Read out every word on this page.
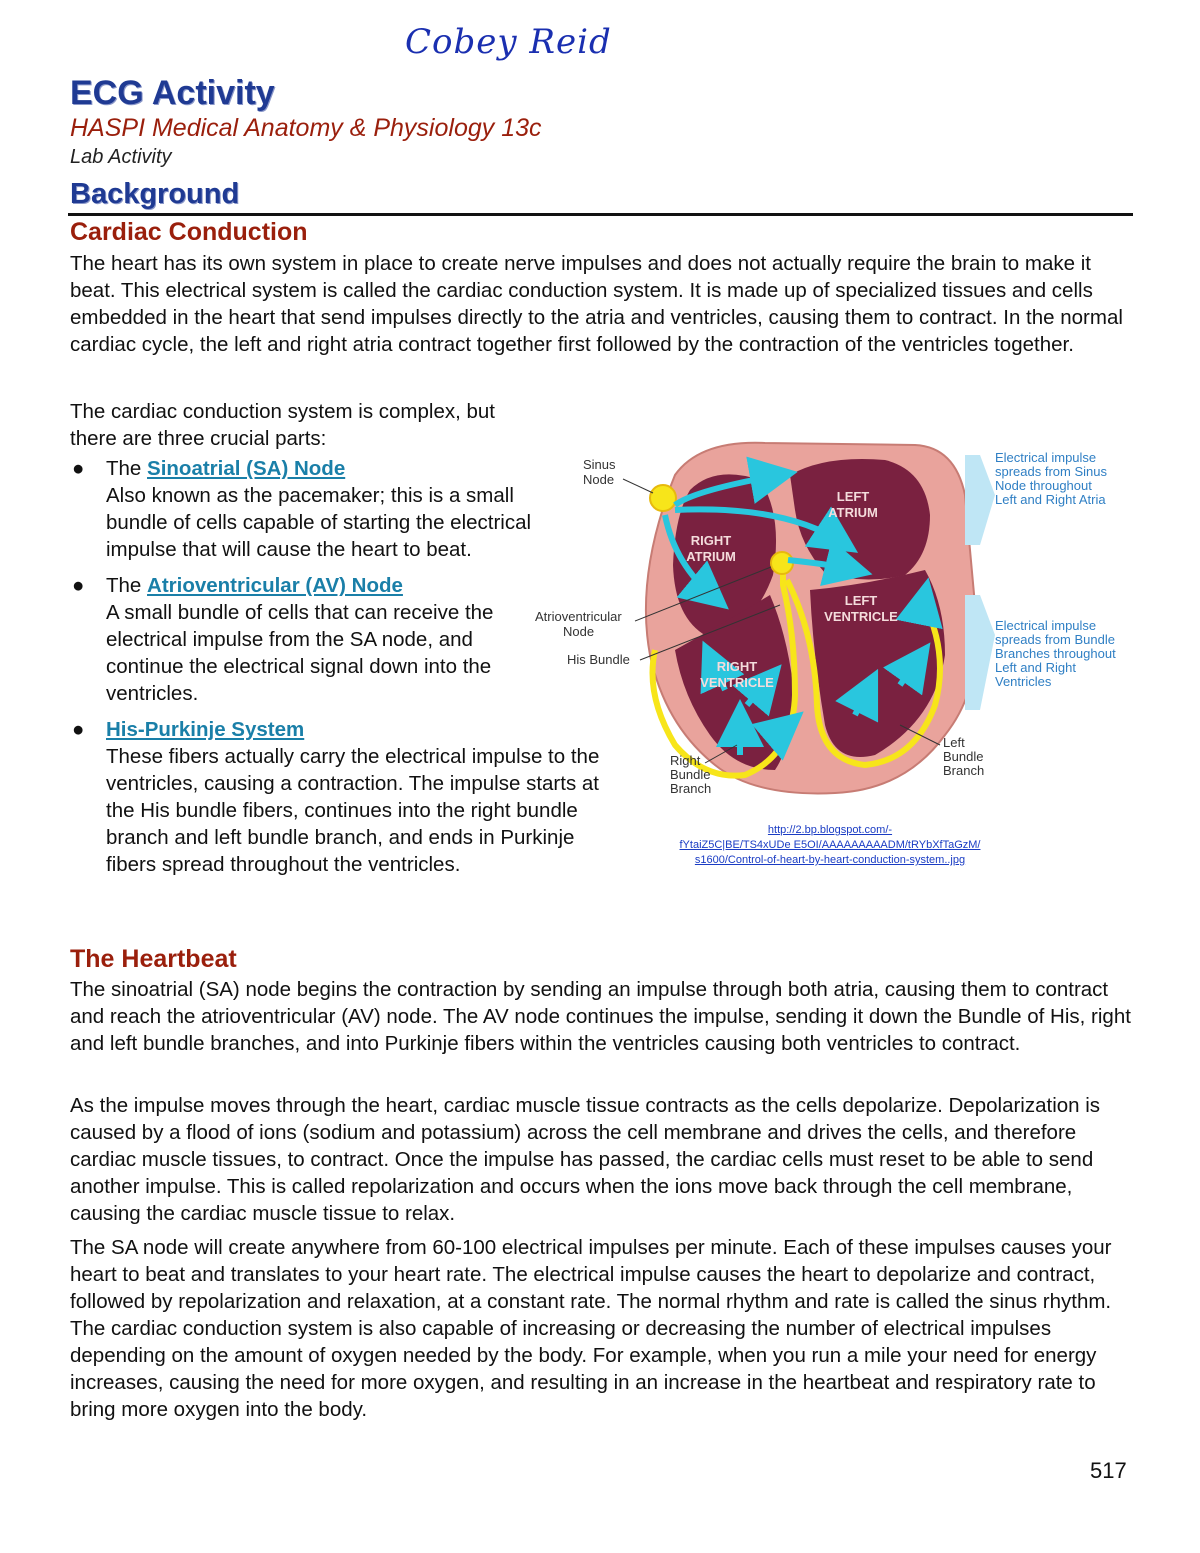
Cobey Reid
ECG Activity
HASPI Medical Anatomy & Physiology 13c
Lab Activity
Background
Cardiac Conduction
The heart has its own system in place to create nerve impulses and does not actually require the brain to make it beat. This electrical system is called the cardiac conduction system. It is made up of specialized tissues and cells embedded in the heart that send impulses directly to the atria and ventricles, causing them to contract. In the normal cardiac cycle, the left and right atria contract together first followed by the contraction of the ventricles together.
The cardiac conduction system is complex, but there are three crucial parts:
● The Sinoatrial (SA) Node
Also known as the pacemaker; this is a small bundle of cells capable of starting the electrical impulse that will cause the heart to beat.
● The Atrioventricular (AV) Node
A small bundle of cells that can receive the electrical impulse from the SA node, and continue the electrical signal down into the ventricles.
● His-Purkinje System
These fibers actually carry the electrical impulse to the ventricles, causing a contraction. The impulse starts at the His bundle fibers, continues into the right bundle branch and left bundle branch, and ends in Purkinje fibers spread throughout the ventricles.
RIGHT ATRIUM
LEFT ATRIUM
LEFT VENTRICLE
RIGHT VENTRICLE
Sinus Node
Atrioventricular Node
His Bundle
Right Bundle Branch
Left Bundle Branch
Electrical impulse spreads from Sinus Node throughout Left and Right Atria
Electrical impulse spreads from Bundle Branches throughout Left and Right Ventricles
http://2.bp.blogspot.com/-
fYtaiZ5C|BE/TS4xUDe E5OI/AAAAAAAAADM/tRYbXfTaGzM/
s1600/Control-of-heart-by-heart-conduction-system..jpg
The Heartbeat
The sinoatrial (SA) node begins the contraction by sending an impulse through both atria, causing them to contract and reach the atrioventricular (AV) node. The AV node continues the impulse, sending it down the Bundle of His, right and left bundle branches, and into Purkinje fibers within the ventricles causing both ventricles to contract.
As the impulse moves through the heart, cardiac muscle tissue contracts as the cells depolarize. Depolarization is caused by a flood of ions (sodium and potassium) across the cell membrane and drives the cells, and therefore cardiac muscle tissues, to contract. Once the impulse has passed, the cardiac cells must reset to be able to send another impulse. This is called repolarization and occurs when the ions move back through the cell membrane, causing the cardiac muscle tissue to relax.
The SA node will create anywhere from 60-100 electrical impulses per minute. Each of these impulses causes your heart to beat and translates to your heart rate. The electrical impulse causes the heart to depolarize and contract, followed by repolarization and relaxation, at a constant rate. The normal rhythm and rate is called the sinus rhythm. The cardiac conduction system is also capable of increasing or decreasing the number of electrical impulses depending on the amount of oxygen needed by the body. For example, when you run a mile your need for energy increases, causing the need for more oxygen, and resulting in an increase in the heartbeat and respiratory rate to bring more oxygen into the body.
517
